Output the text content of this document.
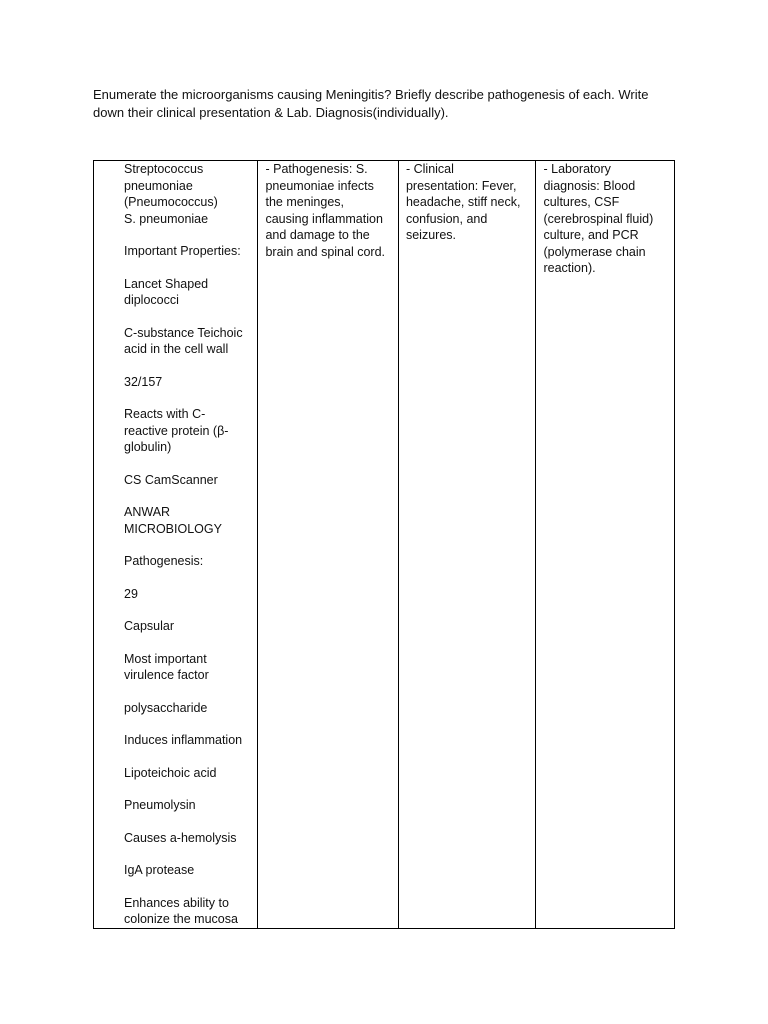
Enumerate the microorganisms causing Meningitis? Briefly describe pathogenesis of each. Write down their clinical presentation & Lab. Diagnosis(individually).

Streptococcus
pneumoniae
(Pneumococcus)

S. pneumoniae

Important Properties:

Lancet Shaped
diplococci

C-substance Teichoic
acid in the cell wall

32/157

Reacts with C-
reactive protein (β-
globulin)

CS CamScanner

ANWAR
MICROBIOLOGY

Pathogenesis:

29

Capsular

Most important
virulence factor

polysaccharide

Induces inflammation

Lipoteichoic acid

Pneumolysin

Causes a-hemolysis

IgA protease

Enhances ability to
colonize the mucosa

- Pathogenesis: S.
pneumoniae infects
the meninges,
causing inflammation
and damage to the
brain and spinal cord.

- Clinical
presentation: Fever,
headache, stiff neck,
confusion, and
seizures.

- Laboratory
diagnosis: Blood
cultures, CSF
(cerebrospinal fluid)
culture, and PCR
(polymerase chain
reaction).
